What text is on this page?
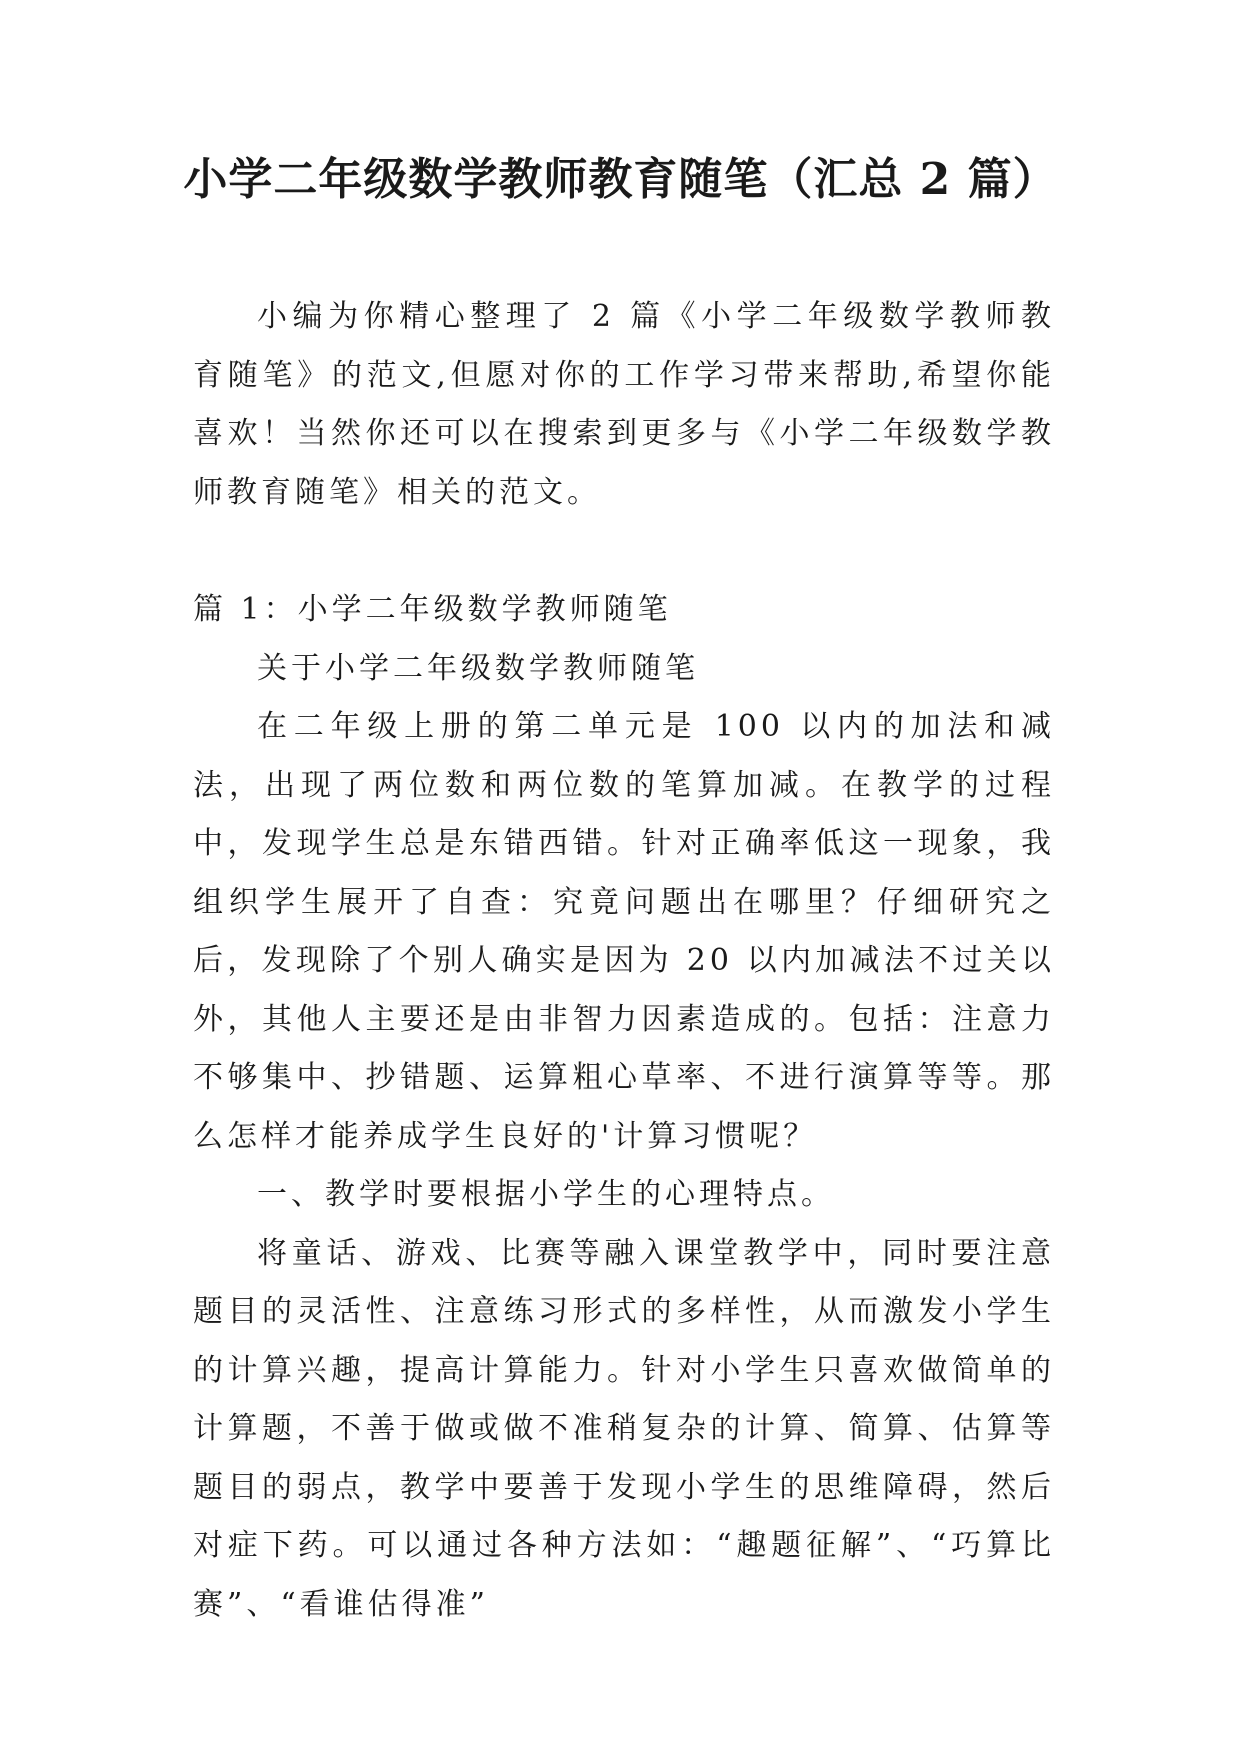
小学二年级数学教师教育随笔（汇总 2 篇）

小编为你精心整理了 2 篇《小学二年级数学教师教育随笔》的范文,但愿对你的工作学习带来帮助,希望你能喜欢！当然你还可以在搜索到更多与《小学二年级数学教师教育随笔》相关的范文。

篇 1：小学二年级数学教师随笔

关于小学二年级数学教师随笔

在二年级上册的第二单元是 100 以内的加法和减法，出现了两位数和两位数的笔算加减。在教学的过程中，发现学生总是东错西错。针对正确率低这一现象，我组织学生展开了自查：究竟问题出在哪里？仔细研究之后，发现除了个别人确实是因为 20 以内加减法不过关以外，其他人主要还是由非智力因素造成的。包括：注意力不够集中、抄错题、运算粗心草率、不进行演算等等。那么怎样才能养成学生良好的'计算习惯呢？

一、教学时要根据小学生的心理特点。

将童话、游戏、比赛等融入课堂教学中，同时要注意题目的灵活性、注意练习形式的多样性，从而激发小学生的计算兴趣，提高计算能力。针对小学生只喜欢做简单的计算题，不善于做或做不准稍复杂的计算、简算、估算等题目的弱点，教学中要善于发现小学生的思维障碍，然后对症下药。可以通过各种方法如：“趣题征解”、“巧算比赛”、“看谁估得准”
